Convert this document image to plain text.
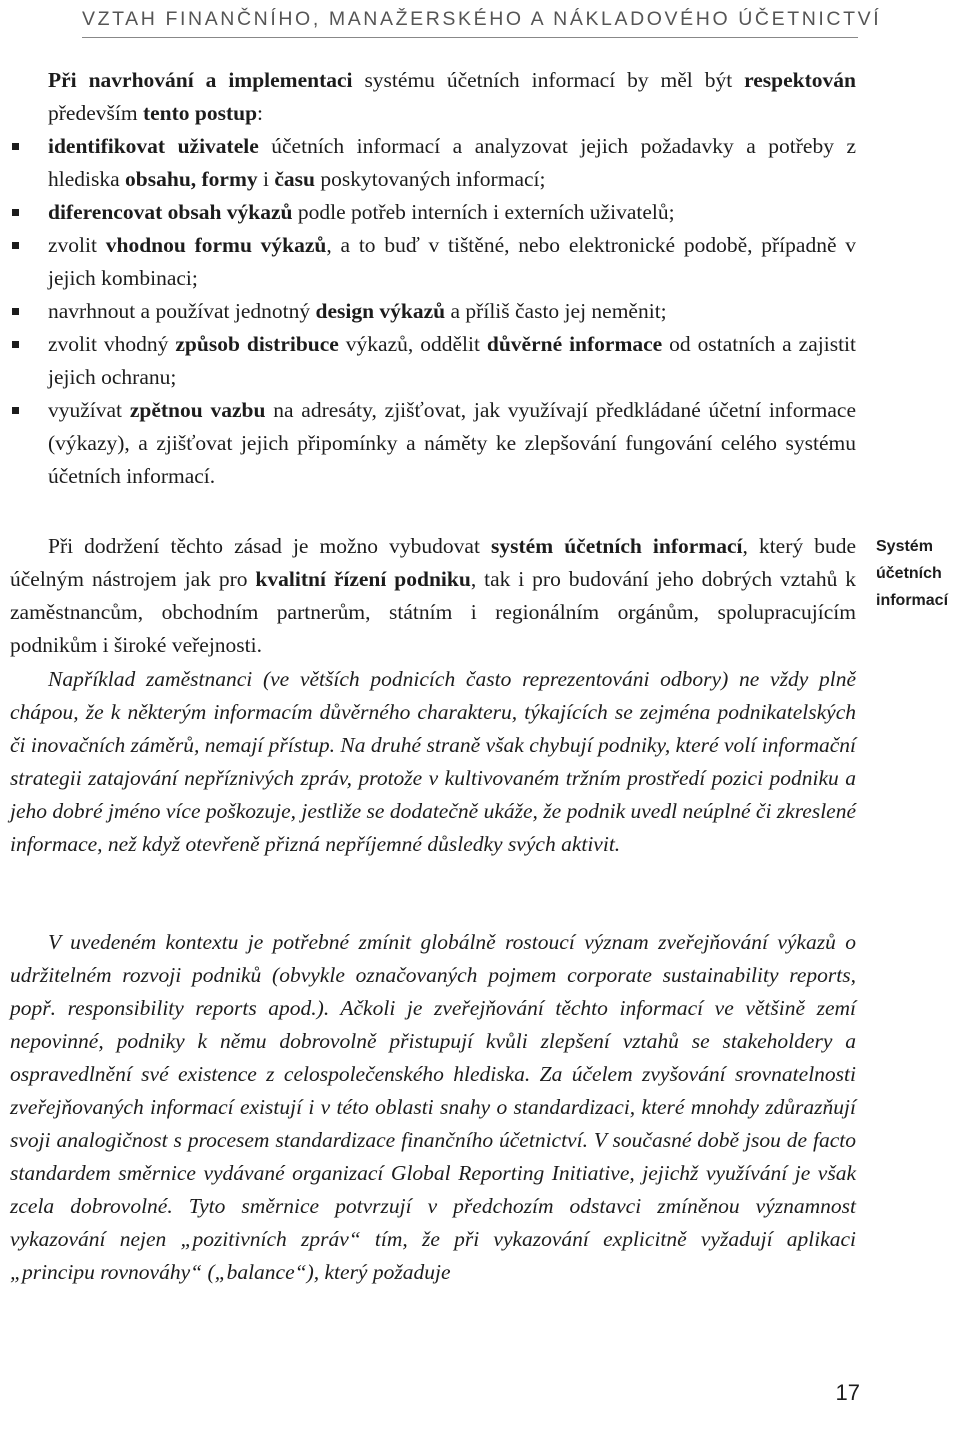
VZTAH FINANČNÍHO, MANAŽERSKÉHO A NÁKLADOVÉHO ÚČETNICTVÍ

Při navrhování a implementaci systému účetních informací by měl být respektován především tento postup:

identifikovat uživatele účetních informací a analyzovat jejich požadavky a potřeby z hlediska obsahu, formy i času poskytovaných informací;
diferencovat obsah výkazů podle potřeb interních i externích uživatelů;
zvolit vhodnou formu výkazů, a to buď v tištěné, nebo elektronické podobě, případně v jejich kombinaci;
navrhnout a používat jednotný design výkazů a příliš často jej neměnit;
zvolit vhodný způsob distribuce výkazů, oddělit důvěrné informace od ostatních a zajistit jejich ochranu;
využívat zpětnou vazbu na adresáty, zjišťovat, jak využívají předkládané účetní informace (výkazy), a zjišťovat jejich připomínky a náměty ke zlepšování fungování celého systému účetních informací.

Při dodržení těchto zásad je možno vybudovat systém účetních informací, který bude účelným nástrojem jak pro kvalitní řízení podniku, tak i pro budování jeho dobrých vztahů k zaměstnancům, obchodním partnerům, státním i regionálním orgánům, spolupracujícím podnikům i široké veřejnosti.

Například zaměstnanci (ve větších podnicích často reprezentováni odbory) ne vždy plně chápou, že k některým informacím důvěrného charakteru, týkajících se zejména podnikatelských či inovačních záměrů, nemají přístup. Na druhé straně však chybují podniky, které volí informační strategii zatajování nepříznivých zpráv, protože v kultivovaném tržním prostředí pozici podniku a jeho dobré jméno více poškozuje, jestliže se dodatečně ukáže, že podnik uvedl neúplné či zkreslené informace, než když otevřeně přizná nepříjemné důsledky svých aktivit.

V uvedeném kontextu je potřebné zmínit globálně rostoucí význam zveřejňování výkazů o udržitelném rozvoji podniků (obvykle označovaných pojmem corporate sustainability reports, popř. responsibility reports apod.). Ačkoli je zveřejňování těchto informací ve většině zemí nepovinné, podniky k němu dobrovolně přistupují kvůli zlepšení vztahů se stakeholdery a ospravedlnění své existence z celospolečenského hlediska. Za účelem zvyšování srovnatelnosti zveřejňovaných informací existují i v této oblasti snahy o standardizaci, které mnohdy zdůrazňují svoji analogičnost s procesem standardizace finančního účetnictví. V současné době jsou de facto standardem směrnice vydávané organizací Global Reporting Initiative, jejichž využívání je však zcela dobrovolné. Tyto směrnice potvrzují v předchozím odstavci zmíněnou významnost vykazování nejen „pozitivních zpráv“ tím, že při vykazování explicitně vyžadují aplikaci „principu rovnováhy“ („balance“), který požaduje

Systém
účetních
informací
17
